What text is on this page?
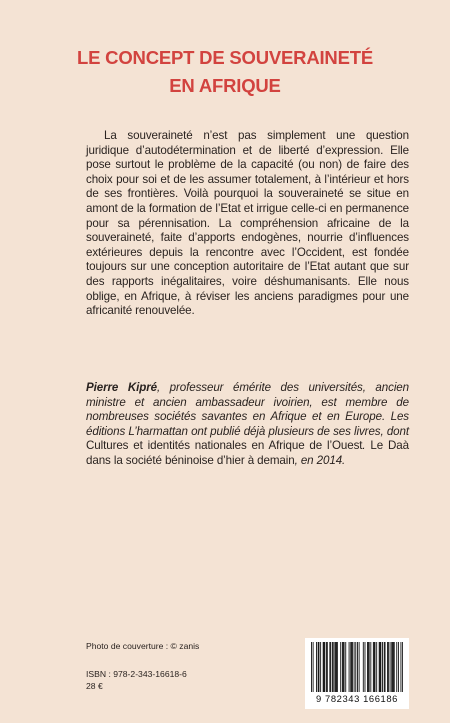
LE CONCEPT DE SOUVERAINETÉ
EN AFRIQUE

La souveraineté n’est pas simplement une question juridique d’autodétermination et de liberté d’expression. Elle pose surtout le problème de la capacité (ou non) de faire des choix pour soi et de les assumer totalement, à l’intérieur et hors de ses frontières. Voilà pourquoi la souveraineté se situe en amont de la formation de l’Etat et irrigue celle-ci en permanence pour sa pérennisation. La compréhension africaine de la souveraineté, faite d’apports endogènes, nourrie d’influences extérieures depuis la rencontre avec l’Occident, est fondée toujours sur une conception autoritaire de l’Etat autant que sur des rapports inégalitaires, voire déshumanisants. Elle nous oblige, en Afrique, à réviser les anciens paradigmes pour une africanité renouvelée.

Pierre Kipré, professeur émérite des universités, ancien ministre et ancien ambassadeur ivoirien, est membre de nombreuses sociétés savantes en Afrique et en Europe. Les éditions L’harmattan ont publié déjà plusieurs de ses livres, dont Cultures et identités nationales en Afrique de l’Ouest. Le Daà dans la société béninoise d’hier à demain, en 2014.

Photo de couverture : © zanis
ISBN : 978-2-343-16618-6
28 €
9 782343 166186
